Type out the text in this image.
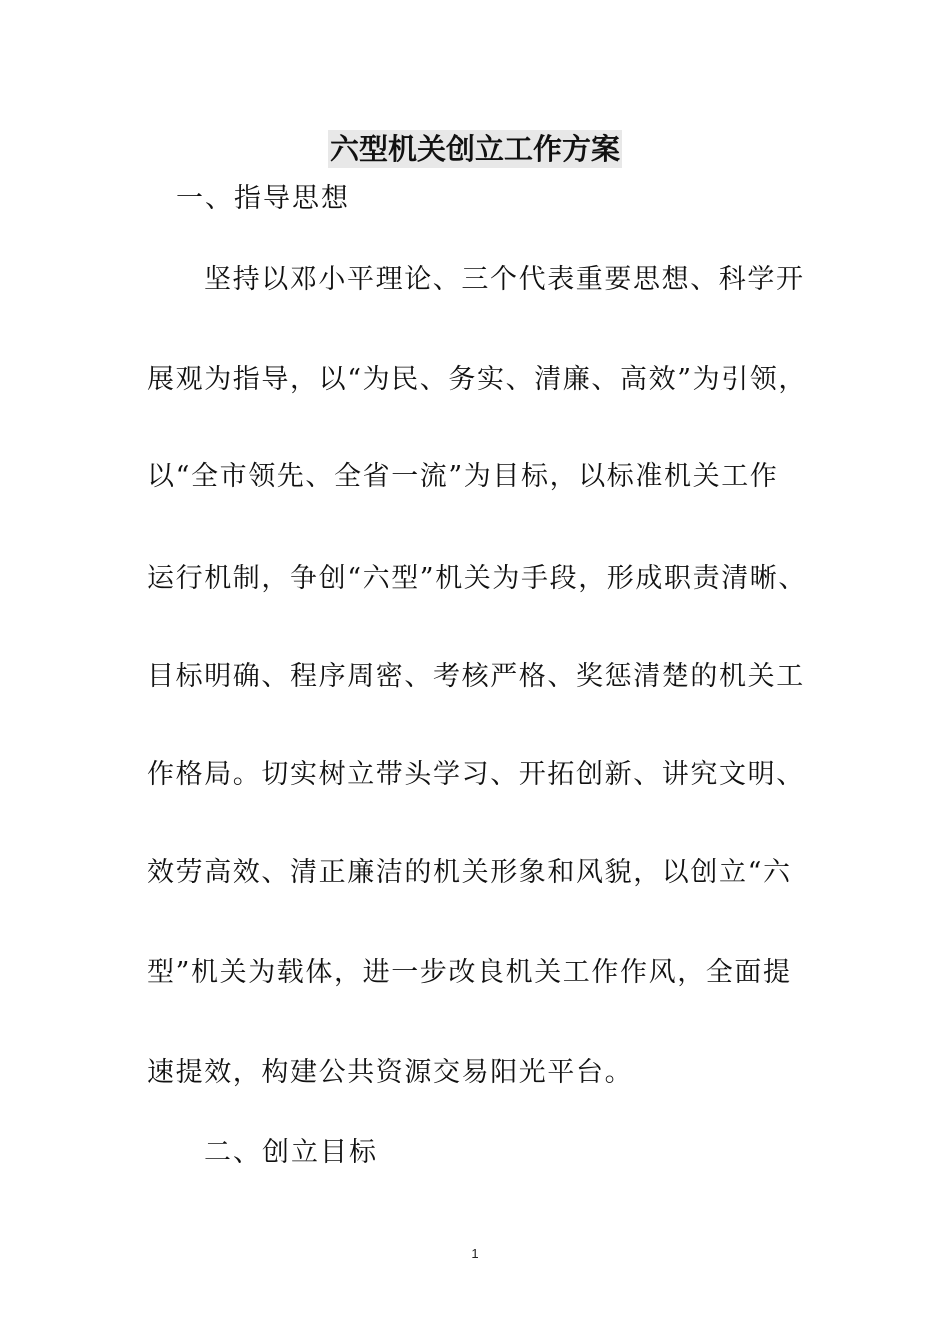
六型机关创立工作方案
一、指导思想
坚持以邓小平理论、三个代表重要思想、科学开
展观为指导，以“为民、务实、清廉、高效”为引领，
以“全市领先、全省一流”为目标，以标准机关工作
运行机制，争创“六型”机关为手段，形成职责清晰、
目标明确、程序周密、考核严格、奖惩清楚的机关工
作格局。切实树立带头学习、开拓创新、讲究文明、
效劳高效、清正廉洁的机关形象和风貌，以创立“六
型”机关为载体，进一步改良机关工作作风，全面提
速提效，构建公共资源交易阳光平台。
二、创立目标
1
